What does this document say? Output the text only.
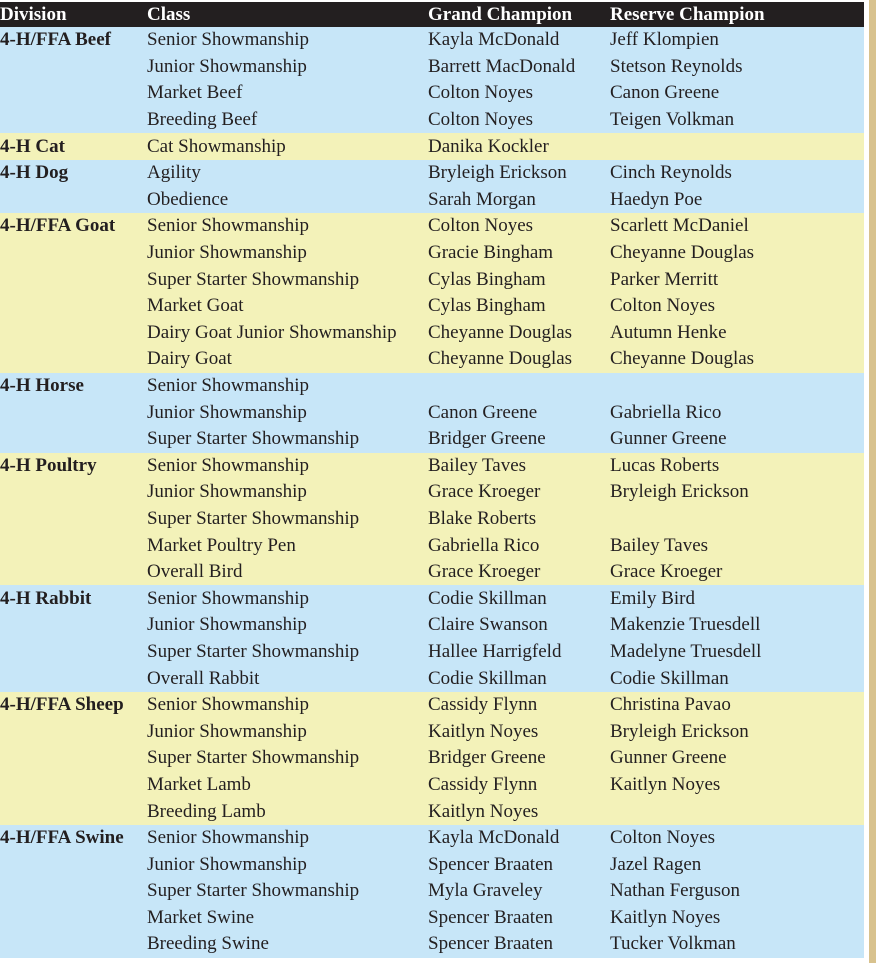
Division	Class	Grand Champion	Reserve Champion
4-H/FFA Beef	Senior Showmanship	Kayla McDonald	Jeff Klompien
	Junior Showmanship	Barrett MacDonald	Stetson Reynolds
	Market Beef	Colton Noyes	Canon Greene
	Breeding Beef	Colton Noyes	Teigen Volkman
4-H Cat	Cat Showmanship	Danika Kockler	
4-H Dog	Agility	Bryleigh Erickson	Cinch Reynolds
	Obedience	Sarah Morgan	Haedyn Poe
4-H/FFA Goat	Senior Showmanship	Colton Noyes	Scarlett McDaniel
	Junior Showmanship	Gracie Bingham	Cheyanne Douglas
	Super Starter Showmanship	Cylas Bingham	Parker Merritt
	Market Goat	Cylas Bingham	Colton Noyes
	Dairy Goat Junior Showmanship	Cheyanne Douglas	Autumn Henke
	Dairy Goat	Cheyanne Douglas	Cheyanne Douglas
4-H Horse	Senior Showmanship		
	Junior Showmanship	Canon Greene	Gabriella Rico
	Super Starter Showmanship	Bridger Greene	Gunner Greene
4-H Poultry	Senior Showmanship	Bailey Taves	Lucas Roberts
	Junior Showmanship	Grace Kroeger	Bryleigh Erickson
	Super Starter Showmanship	Blake Roberts	
	Market Poultry Pen	Gabriella Rico	Bailey Taves
	Overall Bird	Grace Kroeger	Grace Kroeger
4-H Rabbit	Senior Showmanship	Codie Skillman	Emily Bird
	Junior Showmanship	Claire Swanson	Makenzie Truesdell
	Super Starter Showmanship	Hallee Harrigfeld	Madelyne Truesdell
	Overall Rabbit	Codie Skillman	Codie Skillman
4-H/FFA Sheep	Senior Showmanship	Cassidy Flynn	Christina Pavao
	Junior Showmanship	Kaitlyn Noyes	Bryleigh Erickson
	Super Starter Showmanship	Bridger Greene	Gunner Greene
	Market Lamb	Cassidy Flynn	Kaitlyn Noyes
	Breeding Lamb	Kaitlyn Noyes	
4-H/FFA Swine	Senior Showmanship	Kayla McDonald	Colton Noyes
	Junior Showmanship	Spencer Braaten	Jazel Ragen
	Super Starter Showmanship	Myla Graveley	Nathan Ferguson
	Market Swine	Spencer Braaten	Kaitlyn Noyes
	Breeding Swine	Spencer Braaten	Tucker Volkman
